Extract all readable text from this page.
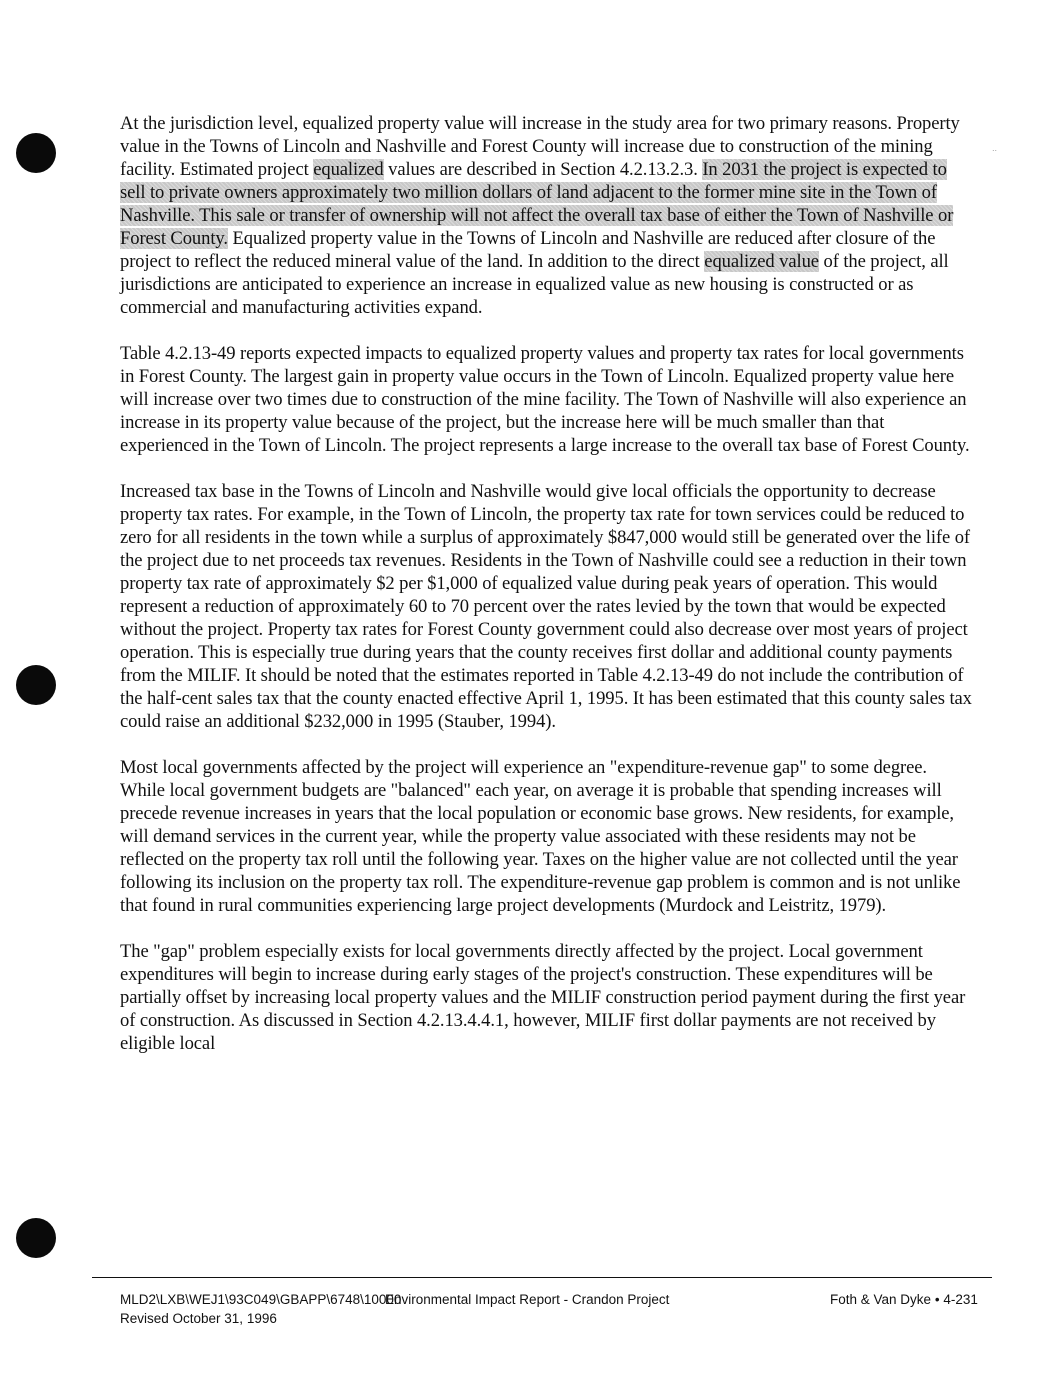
..

At the jurisdiction level, equalized property value will increase in the study area for two primary reasons. Property value in the Towns of Lincoln and Nashville and Forest County will increase due to construction of the mining facility. Estimated project equalized values are described in Section 4.2.13.2.3. In 2031 the project is expected to sell to private owners approximately two million dollars of land adjacent to the former mine site in the Town of Nashville. This sale or transfer of ownership will not affect the overall tax base of either the Town of Nashville or Forest County. Equalized property value in the Towns of Lincoln and Nashville are reduced after closure of the project to reflect the reduced mineral value of the land. In addition to the direct equalized value of the project, all jurisdictions are anticipated to experience an increase in equalized value as new housing is constructed or as commercial and manufacturing activities expand.

Table 4.2.13-49 reports expected impacts to equalized property values and property tax rates for local governments in Forest County. The largest gain in property value occurs in the Town of Lincoln. Equalized property value here will increase over two times due to construction of the mine facility. The Town of Nashville will also experience an increase in its property value because of the project, but the increase here will be much smaller than that experienced in the Town of Lincoln. The project represents a large increase to the overall tax base of Forest County.

Increased tax base in the Towns of Lincoln and Nashville would give local officials the opportunity to decrease property tax rates. For example, in the Town of Lincoln, the property tax rate for town services could be reduced to zero for all residents in the town while a surplus of approximately $847,000 would still be generated over the life of the project due to net proceeds tax revenues. Residents in the Town of Nashville could see a reduction in their town property tax rate of approximately $2 per $1,000 of equalized value during peak years of operation. This would represent a reduction of approximately 60 to 70 percent over the rates levied by the town that would be expected without the project. Property tax rates for Forest County government could also decrease over most years of project operation. This is especially true during years that the county receives first dollar and additional county payments from the MILIF. It should be noted that the estimates reported in Table 4.2.13-49 do not include the contribution of the half-cent sales tax that the county enacted effective April 1, 1995. It has been estimated that this county sales tax could raise an additional $232,000 in 1995 (Stauber, 1994).

Most local governments affected by the project will experience an "expenditure-revenue gap" to some degree. While local government budgets are "balanced" each year, on average it is probable that spending increases will precede revenue increases in years that the local population or economic base grows. New residents, for example, will demand services in the current year, while the property value associated with these residents may not be reflected on the property tax roll until the following year. Taxes on the higher value are not collected until the year following its inclusion on the property tax roll. The expenditure-revenue gap problem is common and is not unlike that found in rural communities experiencing large project developments (Murdock and Leistritz, 1979).

The "gap" problem especially exists for local governments directly affected by the project. Local government expenditures will begin to increase during early stages of the project's construction. These expenditures will be partially offset by increasing local property values and the MILIF construction period payment during the first year of construction. As discussed in Section 4.2.13.4.4.1, however, MILIF first dollar payments are not received by eligible local

MLD2\LXB\WEJ1\93C049\GBAPP\6748\10000
Revised October 31, 1996
Environmental Impact Report - Crandon Project	Foth & Van Dyke • 4-231
